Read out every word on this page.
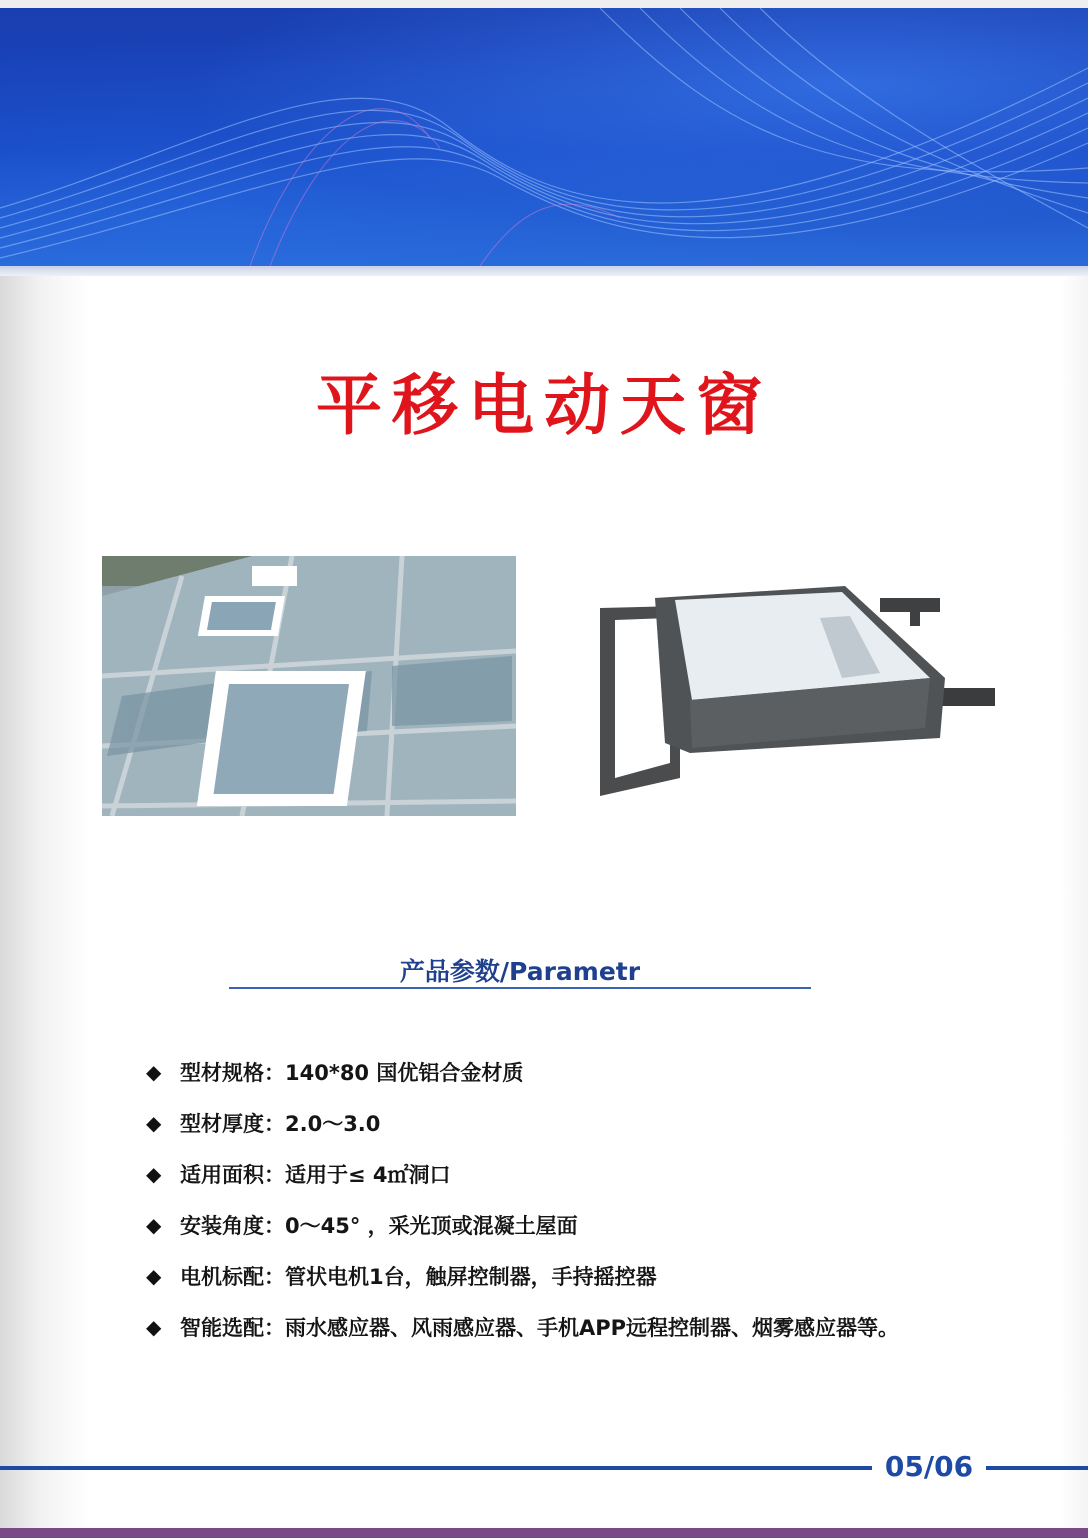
平移电动天窗
产品参数/Parametr
◆ 型材规格：140*80 国优铝合金材质
◆ 型材厚度：2.0～3.0
◆ 适用面积：适用于≤ 4㎡洞口
◆ 安装角度：0～45° ，采光顶或混凝土屋面
◆ 电机标配：管状电机1台，触屏控制器，手持摇控器
◆ 智能选配：雨水感应器、风雨感应器、手机APP远程控制器、烟雾感应器等。
05/06
